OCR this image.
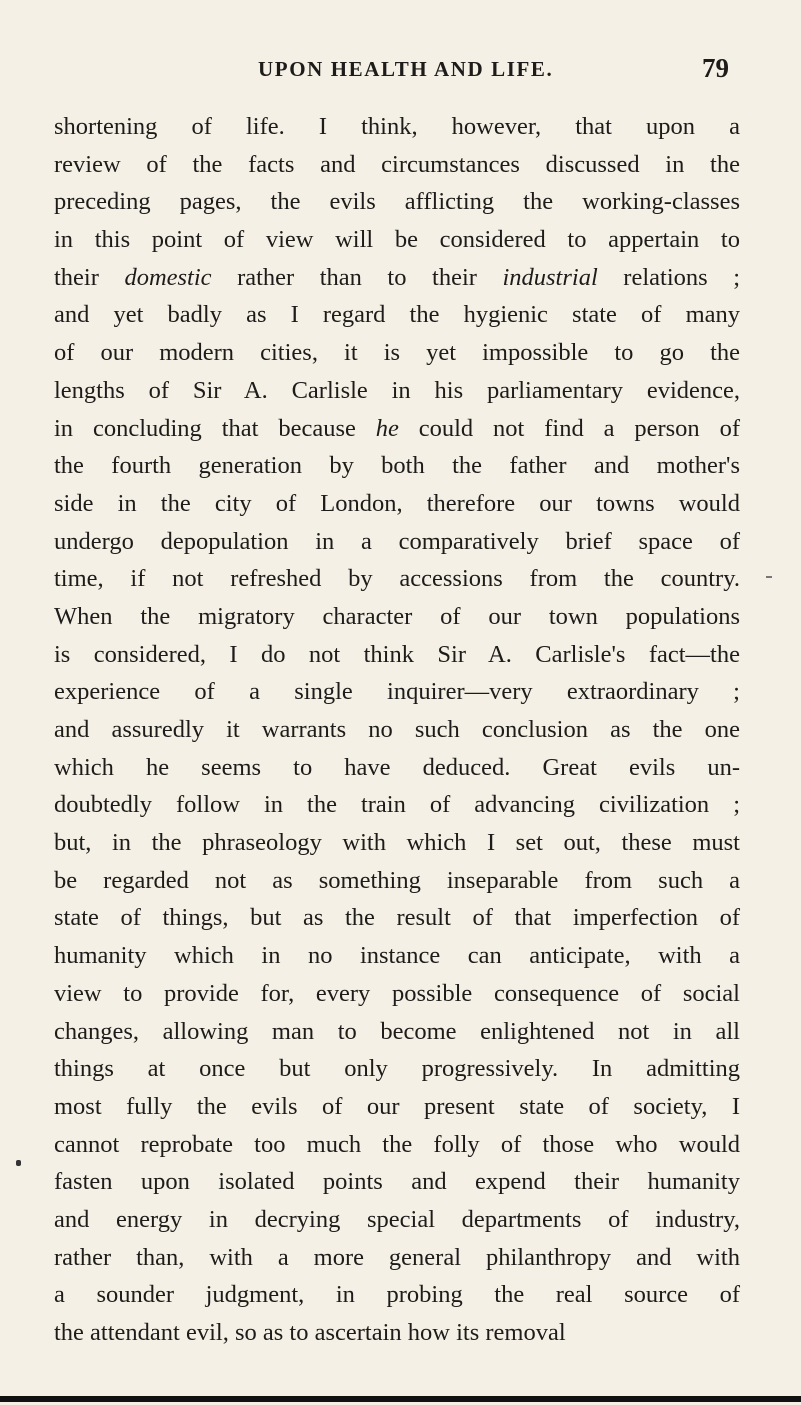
UPON HEALTH AND LIFE.	79
shortening of life. I think, however, that upon a
review of the facts and circumstances discussed in the
preceding pages, the evils afflicting the working-classes
in this point of view will be considered to appertain to
their domestic rather than to their industrial relations ;
and yet badly as I regard the hygienic state of many
of our modern cities, it is yet impossible to go the
lengths of Sir A. Carlisle in his parliamentary evidence,
in concluding that because he could not find a person of
the fourth generation by both the father and mother's
side in the city of London, therefore our towns would
undergo depopulation in a comparatively brief space of
time, if not refreshed by accessions from the country.
When the migratory character of our town populations
is considered, I do not think Sir A. Carlisle's fact—the
experience of a single inquirer—very extraordinary ;
and assuredly it warrants no such conclusion as the one
which he seems to have deduced. Great evils un-
doubtedly follow in the train of advancing civilization ;
but, in the phraseology with which I set out, these must
be regarded not as something inseparable from such a
state of things, but as the result of that imperfection of
humanity which in no instance can anticipate, with a
view to provide for, every possible consequence of social
changes, allowing man to become enlightened not in all
things at once but only progressively. In admitting
most fully the evils of our present state of society, I
cannot reprobate too much the folly of those who would
fasten upon isolated points and expend their humanity
and energy in decrying special departments of industry,
rather than, with a more general philanthropy and with
a sounder judgment, in probing the real source of
the attendant evil, so as to ascertain how its removal
